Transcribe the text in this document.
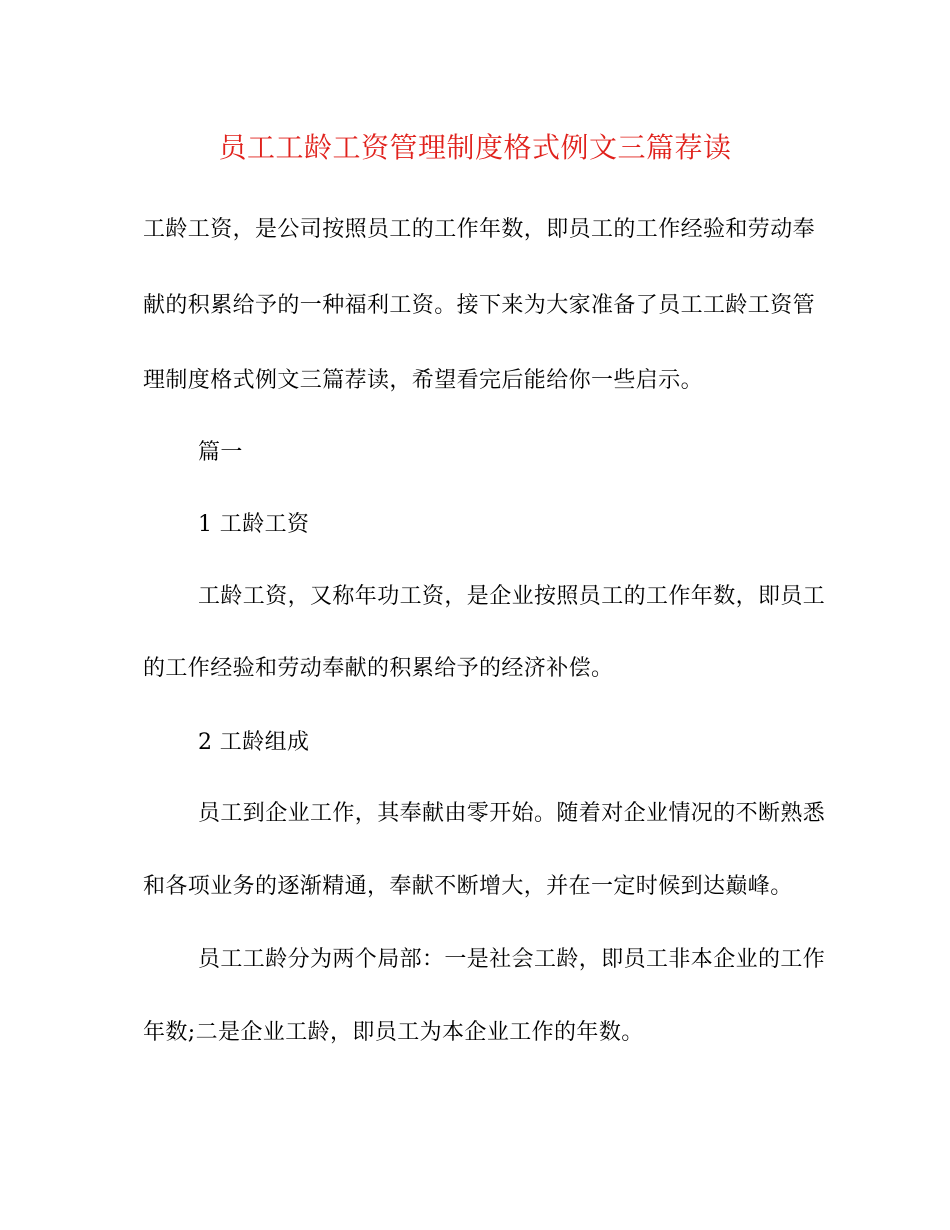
员工工龄工资管理制度格式例文三篇荐读
工龄工资，是公司按照员工的工作年数，即员工的工作经验和劳动奉
献的积累给予的一种福利工资。接下来为大家准备了员工工龄工资管
理制度格式例文三篇荐读，希望看完后能给你一些启示。
篇一
1 工龄工资
工龄工资，又称年功工资，是企业按照员工的工作年数，即员工
的工作经验和劳动奉献的积累给予的经济补偿。
2 工龄组成
员工到企业工作，其奉献由零开始。随着对企业情况的不断熟悉
和各项业务的逐渐精通，奉献不断增大，并在一定时候到达巅峰。
员工工龄分为两个局部：一是社会工龄，即员工非本企业的工作
年数;二是企业工龄，即员工为本企业工作的年数。
